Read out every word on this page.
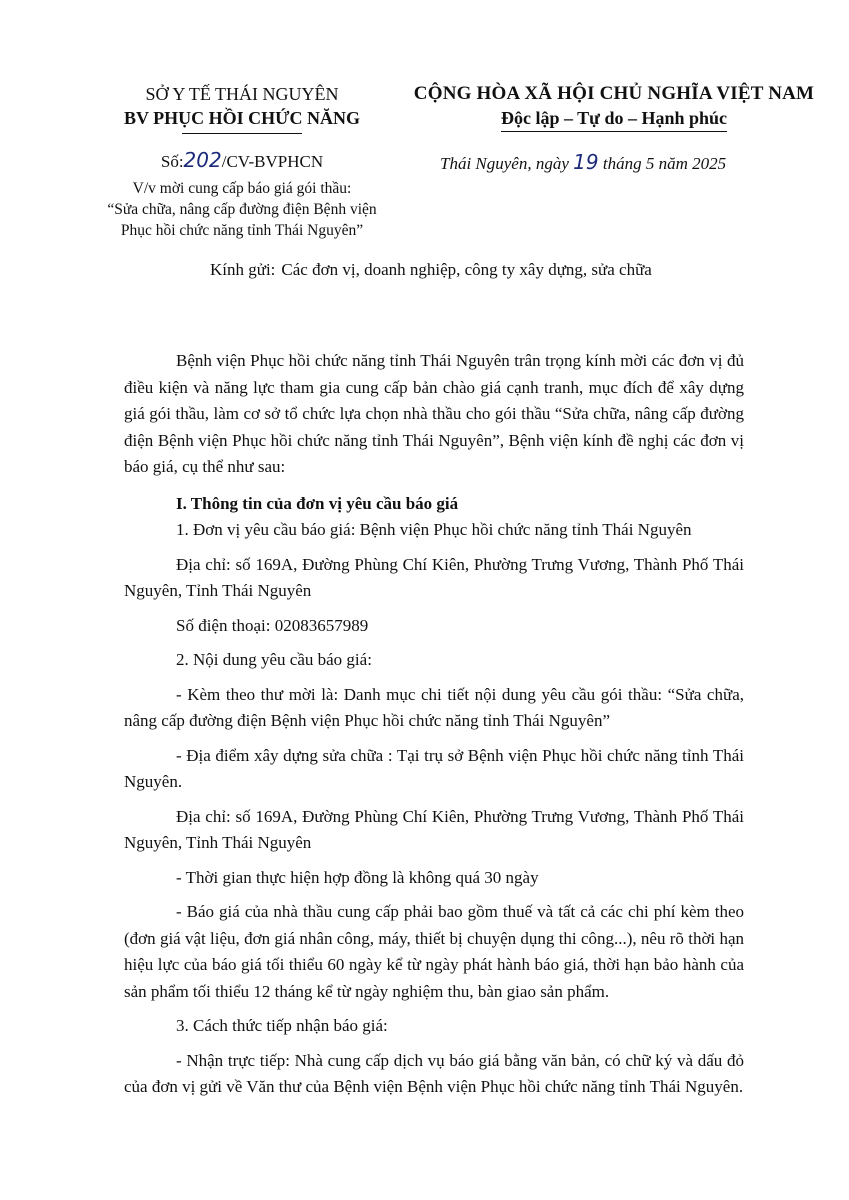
SỞ Y TẾ THÁI NGUYÊN
BV PHỤC HỒI CHỨC NĂNG
CỘNG HÒA XÃ HỘI CHỦ NGHĨA VIỆT NAM
Độc lập – Tự do – Hạnh phúc
Số:202/CV-BVPHCN
V/v mời cung cấp báo giá gói thầu:
“Sửa chữa, nâng cấp đường điện Bệnh viện
Phục hồi chức năng tỉnh Thái Nguyên”
Thái Nguyên, ngày 19 tháng 5 năm 2025
Kính gửi: Các đơn vị, doanh nghiệp, công ty xây dựng, sửa chữa

Bệnh viện Phục hồi chức năng tỉnh Thái Nguyên trân trọng kính mời các đơn vị đủ điều kiện và năng lực tham gia cung cấp bản chào giá cạnh tranh, mục đích để xây dựng giá gói thầu, làm cơ sở tổ chức lựa chọn nhà thầu cho gói thầu “Sửa chữa, nâng cấp đường điện Bệnh viện Phục hồi chức năng tỉnh Thái Nguyên”, Bệnh viện kính đề nghị các đơn vị báo giá, cụ thể như sau:

I. Thông tin của đơn vị yêu cầu báo giá

1. Đơn vị yêu cầu báo giá: Bệnh viện Phục hồi chức năng tỉnh Thái Nguyên

Địa chỉ: số 169A, Đường Phùng Chí Kiên, Phường Trưng Vương, Thành Phố Thái Nguyên, Tỉnh Thái Nguyên

Số điện thoại: 02083657989

2. Nội dung yêu cầu báo giá:

- Kèm theo thư mời là: Danh mục chi tiết nội dung yêu cầu gói thầu: “Sửa chữa, nâng cấp đường điện Bệnh viện Phục hồi chức năng tỉnh Thái Nguyên”

- Địa điểm xây dựng sửa chữa : Tại trụ sở Bệnh viện Phục hồi chức năng tỉnh Thái Nguyên.

Địa chỉ: số 169A, Đường Phùng Chí Kiên, Phường Trưng Vương, Thành Phố Thái Nguyên, Tỉnh Thái Nguyên

- Thời gian thực hiện hợp đồng là không quá 30 ngày

- Báo giá của nhà thầu cung cấp phải bao gồm thuế và tất cả các chi phí kèm theo (đơn giá vật liệu, đơn giá nhân công, máy, thiết bị chuyện dụng thi công...), nêu rõ thời hạn hiệu lực của báo giá tối thiểu 60 ngày kể từ ngày phát hành báo giá, thời hạn bảo hành của sản phẩm tối thiểu 12 tháng kể từ ngày nghiệm thu, bàn giao sản phẩm.

3. Cách thức tiếp nhận báo giá:

- Nhận trực tiếp: Nhà cung cấp dịch vụ báo giá bằng văn bản, có chữ ký và dấu đỏ của đơn vị gửi về Văn thư của Bệnh viện Bệnh viện Phục hồi chức năng tỉnh Thái Nguyên.
